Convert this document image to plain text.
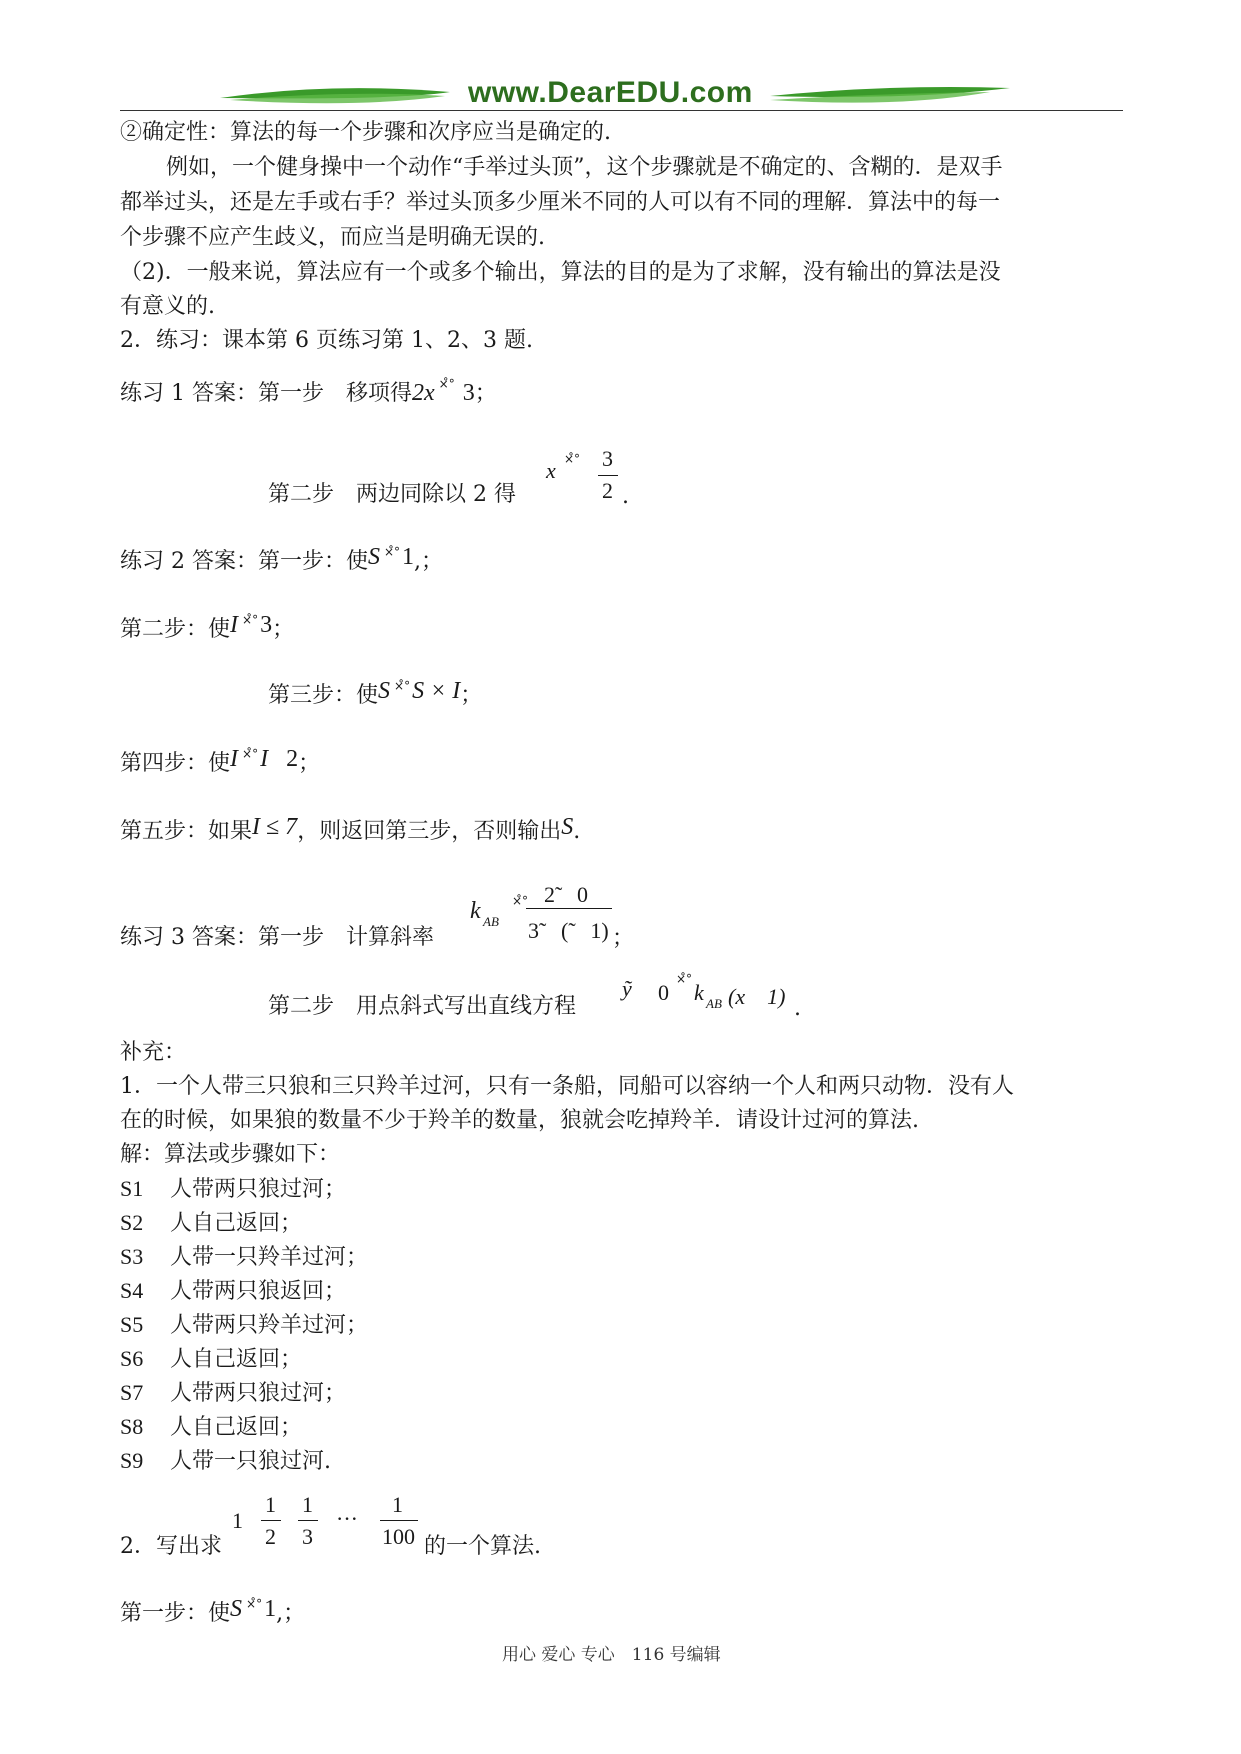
www.DearEDU.com
②确定性：算法的每一个步骤和次序应当是确定的.
例如，一个健身操中一个动作“手举过头顶”，这个步骤就是不确定的、含糊的．是双手
都举过头，还是左手或右手？举过头顶多少厘米不同的人可以有不同的理解．算法中的每一
个步骤不应产生歧义，而应当是明确无误的.
（2)．一般来说，算法应有一个或多个输出，算法的目的是为了求解，没有输出的算法是没
有意义的.
2．练习：课本第 6 页练习第 1、2、3 题.
练习 1 答案：第一步　移项得2x ×̊° 3；
第二步　两边同除以 2 得
x ×̊° 3
2 .
练习 2 答案：第一步：使S ×̊°1,；
第二步：使I ×̊°3；
第三步：使S ×̊°S × I；
第四步：使I ×̊°I 2；
第五步：如果I ≤ 7，则返回第三步，否则输出S.
练习 3 答案：第一步　计算斜率
k AB
×̊° 2̃　0
3̃　(̃　1) ；
第二步　用点斜式写出直线方程
ỹ 0
×̊°
k AB (x　1) .
补充：
1．一个人带三只狼和三只羚羊过河，只有一条船，同船可以容纳一个人和两只动物．没有人
在的时候，如果狼的数量不少于羚羊的数量，狼就会吃掉羚羊．请设计过河的算法.
解：算法或步骤如下：
S1 人带两只狼过河；
S2 人自己返回；
S3 人带一只羚羊过河；
S4 人带两只狼返回；
S5 人带两只羚羊过河；
S6 人自己返回；
S7 人带两只狼过河；
S8 人自己返回；
S9 人带一只狼过河.
2．写出求
1
1
2
1
3
···
1
100 的一个算法.
第一步：使S ×̊°1,；
用心 爱心 专心　116 号编辑
